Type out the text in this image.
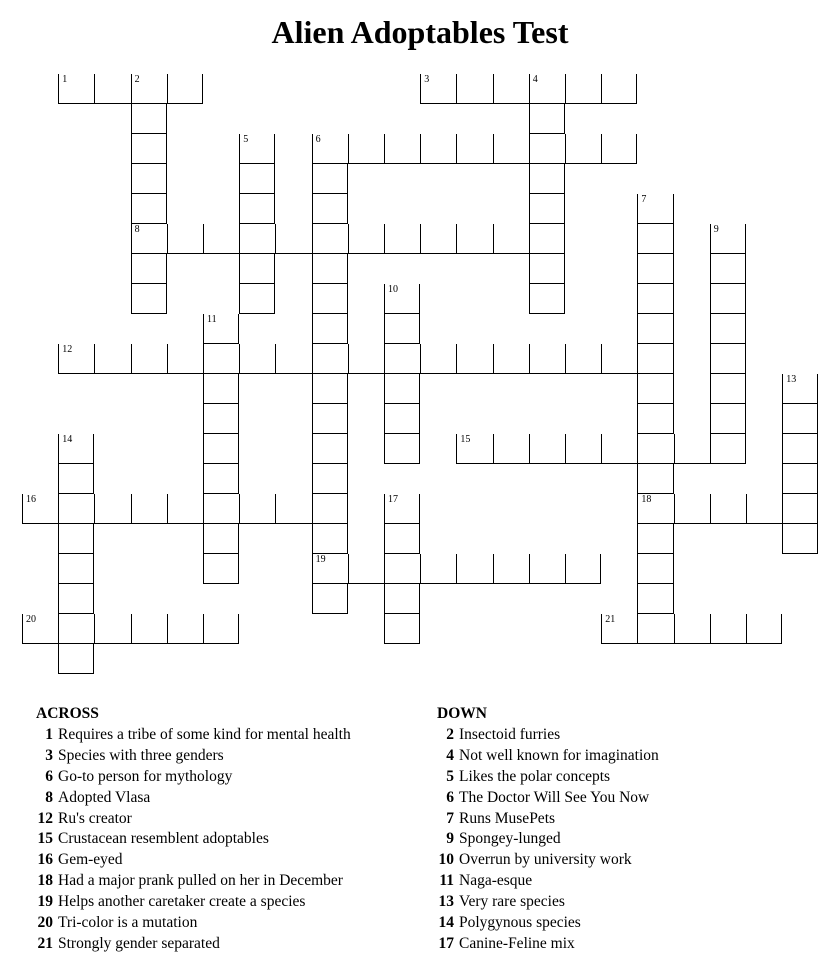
Alien Adoptables Test
1	2
8
3	4
5	6
19
7
18
9
10
11
12
13
14	15
16	17
20	21
ACROSS
1 Requires a tribe of some kind for mental health
3 Species with three genders
6 Go-to person for mythology
8 Adopted Vlasa
12 Ru's creator
15 Crustacean resemblent adoptables
16 Gem-eyed
18 Had a major prank pulled on her in December
19 Helps another caretaker create a species
20 Tri-color is a mutation
21 Strongly gender separated
DOWN
2 Insectoid furries
4 Not well known for imagination
5 Likes the polar concepts
6 The Doctor Will See You Now
7 Runs MusePets
9 Spongey-lunged
10 Overrun by university work
11 Naga-esque
13 Very rare species
14 Polygynous species
17 Canine-Feline mix
